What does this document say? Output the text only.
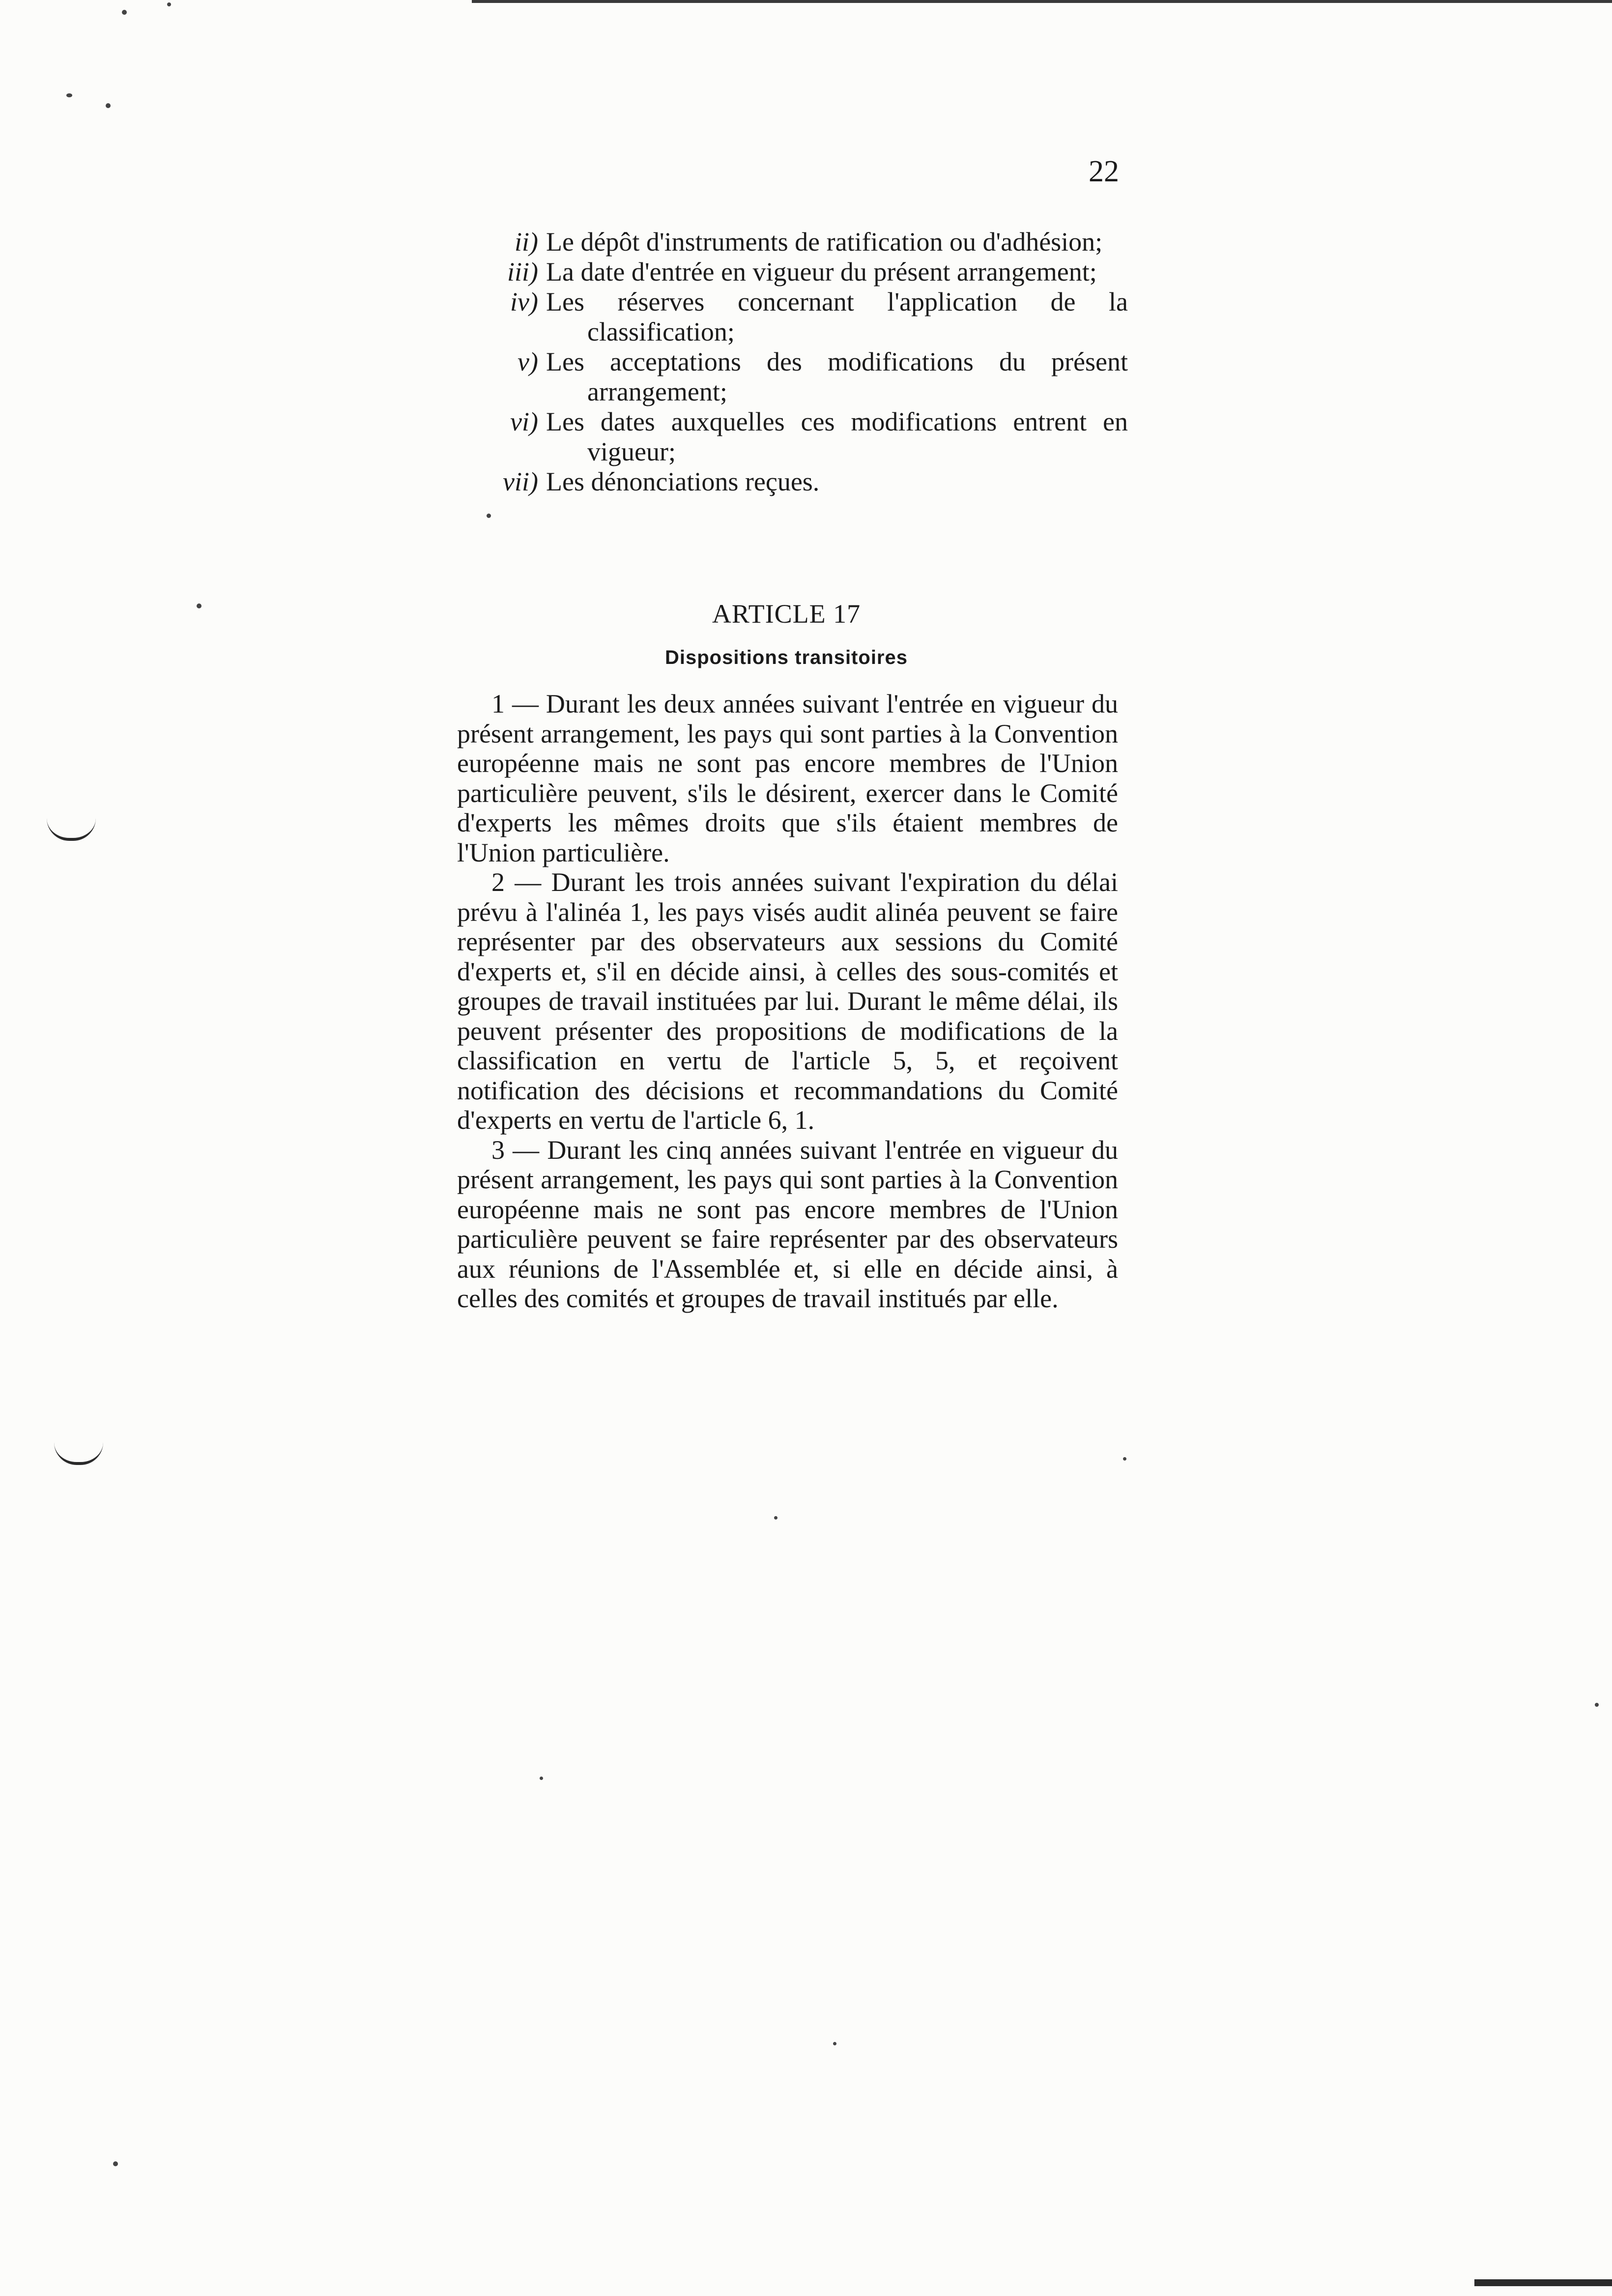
22
ii) Le dépôt d'instruments de ratification ou d'adhésion;
iii) La date d'entrée en vigueur du présent arrangement;
iv) Les réserves concernant l'application de la classification;
v) Les acceptations des modifications du présent arrangement;
vi) Les dates auxquelles ces modifications entrent en vigueur;
vii) Les dénonciations reçues.
ARTICLE 17
Dispositions transitoires

1 — Durant les deux années suivant l'entrée en vigueur du présent arrangement, les pays qui sont parties à la Convention européenne mais ne sont pas encore membres de l'Union particulière peuvent, s'ils le désirent, exercer dans le Comité d'experts les mêmes droits que s'ils étaient membres de l'Union particulière.

2 — Durant les trois années suivant l'expiration du délai prévu à l'alinéa 1, les pays visés audit alinéa peuvent se faire représenter par des observateurs aux sessions du Comité d'experts et, s'il en décide ainsi, à celles des sous-comités et groupes de travail instituées par lui. Durant le même délai, ils peuvent présenter des propositions de modifications de la classification en vertu de l'article 5, 5, et reçoivent notification des décisions et recommandations du Comité d'experts en vertu de l'article 6, 1.

3 — Durant les cinq années suivant l'entrée en vigueur du présent arrangement, les pays qui sont parties à la Convention européenne mais ne sont pas encore membres de l'Union particulière peuvent se faire représenter par des observateurs aux réunions de l'Assemblée et, si elle en décide ainsi, à celles des comités et groupes de travail institués par elle.
